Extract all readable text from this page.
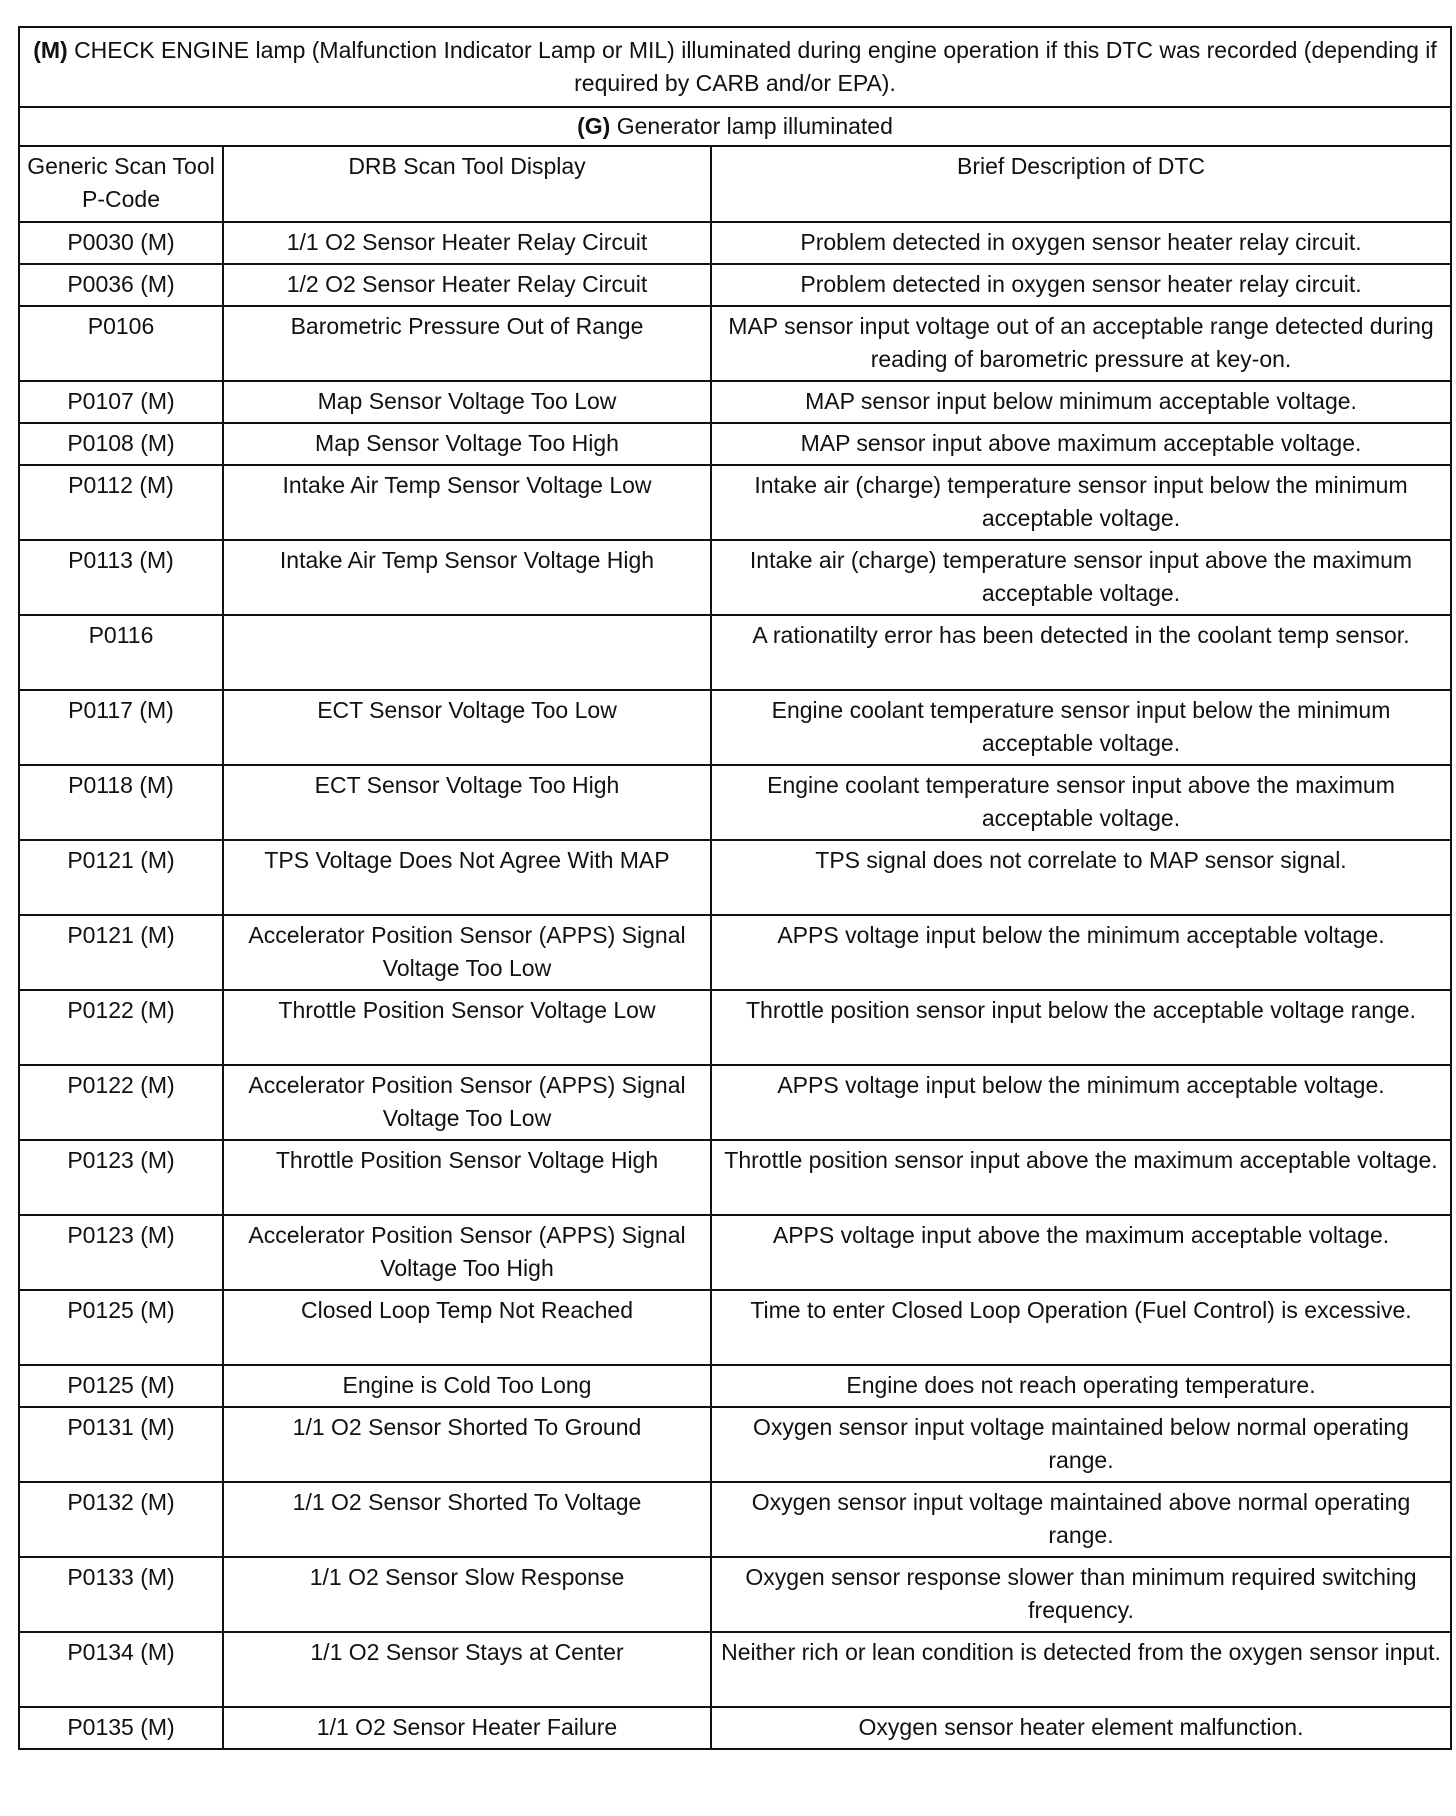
(M) CHECK ENGINE lamp (Malfunction Indicator Lamp or MIL) illuminated during engine operation if this DTC was recorded (depending if required by CARB and/or EPA).		
(G) Generator lamp illuminated		
Generic Scan Tool P-Code	DRB Scan Tool Display	Brief Description of DTC
P0030 (M)	1/1 O2 Sensor Heater Relay Circuit	Problem detected in oxygen sensor heater relay circuit.
P0036 (M)	1/2 O2 Sensor Heater Relay Circuit	Problem detected in oxygen sensor heater relay circuit.
P0106	Barometric Pressure Out of Range	MAP sensor input voltage out of an acceptable range detected during reading of barometric pressure at key-on.
P0107 (M)	Map Sensor Voltage Too Low	MAP sensor input below minimum acceptable voltage.
P0108 (M)	Map Sensor Voltage Too High	MAP sensor input above maximum acceptable voltage.
P0112 (M)	Intake Air Temp Sensor Voltage Low	Intake air (charge) temperature sensor input below the minimum acceptable voltage.
P0113 (M)	Intake Air Temp Sensor Voltage High	Intake air (charge) temperature sensor input above the maximum acceptable voltage.
P0116		A rationatilty error has been detected in the coolant temp sensor.
P0117 (M)	ECT Sensor Voltage Too Low	Engine coolant temperature sensor input below the minimum acceptable voltage.
P0118 (M)	ECT Sensor Voltage Too High	Engine coolant temperature sensor input above the maximum acceptable voltage.
P0121 (M)	TPS Voltage Does Not Agree With MAP	TPS signal does not correlate to MAP sensor signal.
P0121 (M)	Accelerator Position Sensor (APPS) Signal Voltage Too Low	APPS voltage input below the minimum acceptable voltage.
P0122 (M)	Throttle Position Sensor Voltage Low	Throttle position sensor input below the acceptable voltage range.
P0122 (M)	Accelerator Position Sensor (APPS) Signal Voltage Too Low	APPS voltage input below the minimum acceptable voltage.
P0123 (M)	Throttle Position Sensor Voltage High	Throttle position sensor input above the maximum acceptable voltage.
P0123 (M)	Accelerator Position Sensor (APPS) Signal Voltage Too High	APPS voltage input above the maximum acceptable voltage.
P0125 (M)	Closed Loop Temp Not Reached	Time to enter Closed Loop Operation (Fuel Control) is excessive.
P0125 (M)	Engine is Cold Too Long	Engine does not reach operating temperature.
P0131 (M)	1/1 O2 Sensor Shorted To Ground	Oxygen sensor input voltage maintained below normal operating range.
P0132 (M)	1/1 O2 Sensor Shorted To Voltage	Oxygen sensor input voltage maintained above normal operating range.
P0133 (M)	1/1 O2 Sensor Slow Response	Oxygen sensor response slower than minimum required switching frequency.
P0134 (M)	1/1 O2 Sensor Stays at Center	Neither rich or lean condition is detected from the oxygen sensor input.
P0135 (M)	1/1 O2 Sensor Heater Failure	Oxygen sensor heater element malfunction.
